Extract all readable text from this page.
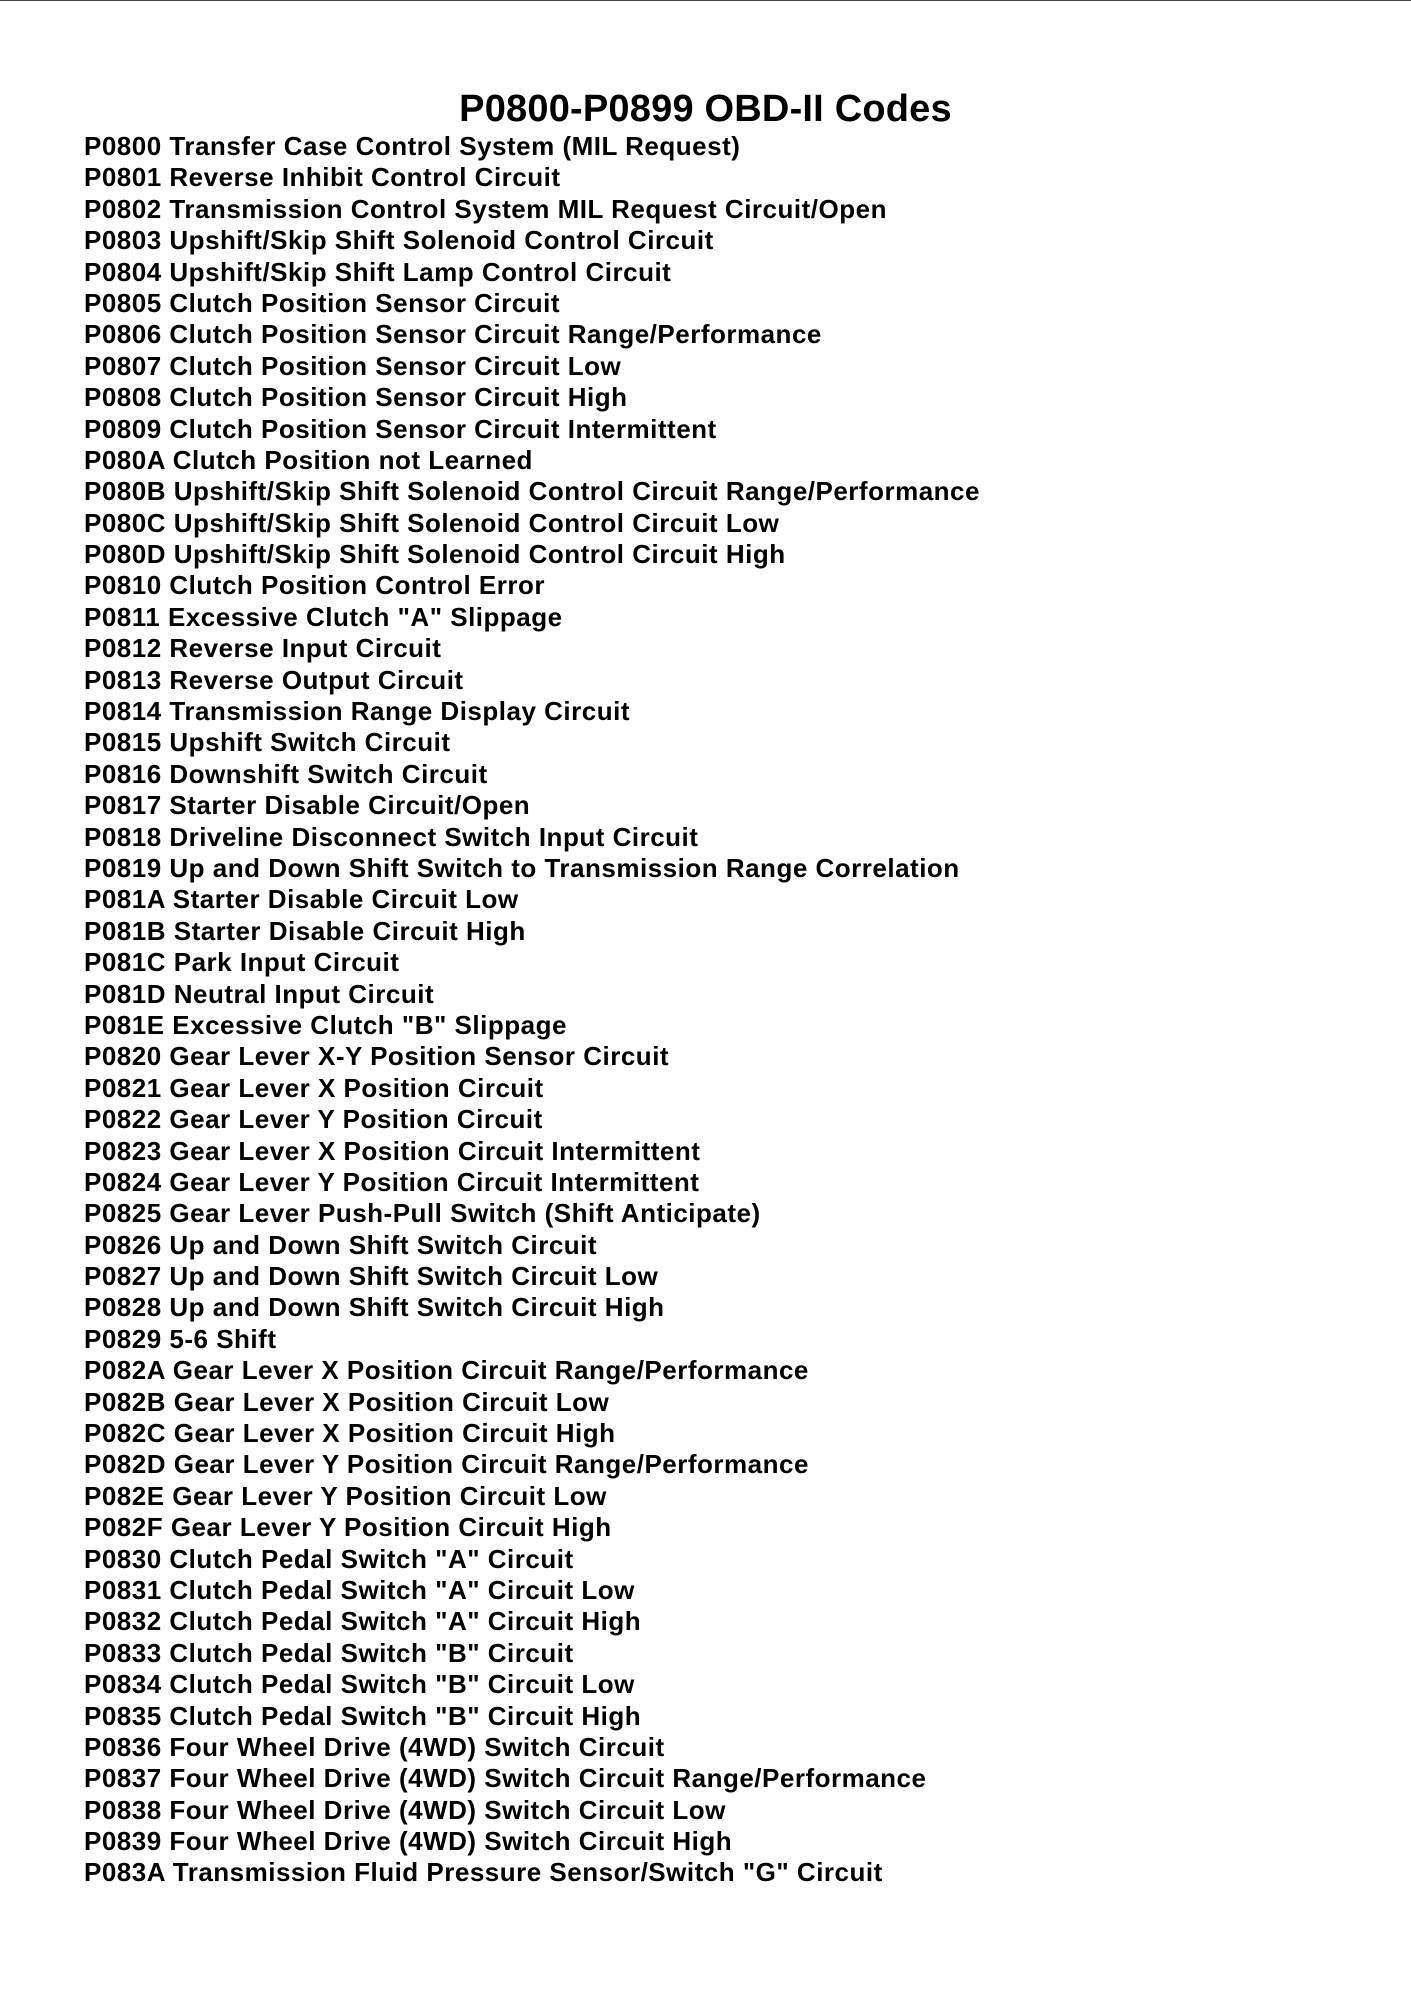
P0800-P0899 OBD-II Codes
P0800 Transfer Case Control System (MIL Request)
P0801 Reverse Inhibit Control Circuit
P0802 Transmission Control System MIL Request Circuit/Open
P0803 Upshift/Skip Shift Solenoid Control Circuit
P0804 Upshift/Skip Shift Lamp Control Circuit
P0805 Clutch Position Sensor Circuit
P0806 Clutch Position Sensor Circuit Range/Performance
P0807 Clutch Position Sensor Circuit Low
P0808 Clutch Position Sensor Circuit High
P0809 Clutch Position Sensor Circuit Intermittent
P080A Clutch Position not Learned
P080B Upshift/Skip Shift Solenoid Control Circuit Range/Performance
P080C Upshift/Skip Shift Solenoid Control Circuit Low
P080D Upshift/Skip Shift Solenoid Control Circuit High
P0810 Clutch Position Control Error
P0811 Excessive Clutch "A" Slippage
P0812 Reverse Input Circuit
P0813 Reverse Output Circuit
P0814 Transmission Range Display Circuit
P0815 Upshift Switch Circuit
P0816 Downshift Switch Circuit
P0817 Starter Disable Circuit/Open
P0818 Driveline Disconnect Switch Input Circuit
P0819 Up and Down Shift Switch to Transmission Range Correlation
P081A Starter Disable Circuit Low
P081B Starter Disable Circuit High
P081C Park Input Circuit
P081D Neutral Input Circuit
P081E Excessive Clutch "B" Slippage
P0820 Gear Lever X-Y Position Sensor Circuit
P0821 Gear Lever X Position Circuit
P0822 Gear Lever Y Position Circuit
P0823 Gear Lever X Position Circuit Intermittent
P0824 Gear Lever Y Position Circuit Intermittent
P0825 Gear Lever Push-Pull Switch (Shift Anticipate)
P0826 Up and Down Shift Switch Circuit
P0827 Up and Down Shift Switch Circuit Low
P0828 Up and Down Shift Switch Circuit High
P0829 5-6 Shift
P082A Gear Lever X Position Circuit Range/Performance
P082B Gear Lever X Position Circuit Low
P082C Gear Lever X Position Circuit High
P082D Gear Lever Y Position Circuit Range/Performance
P082E Gear Lever Y Position Circuit Low
P082F Gear Lever Y Position Circuit High
P0830 Clutch Pedal Switch "A" Circuit
P0831 Clutch Pedal Switch "A" Circuit Low
P0832 Clutch Pedal Switch "A" Circuit High
P0833 Clutch Pedal Switch "B" Circuit
P0834 Clutch Pedal Switch "B" Circuit Low
P0835 Clutch Pedal Switch "B" Circuit High
P0836 Four Wheel Drive (4WD) Switch Circuit
P0837 Four Wheel Drive (4WD) Switch Circuit Range/Performance
P0838 Four Wheel Drive (4WD) Switch Circuit Low
P0839 Four Wheel Drive (4WD) Switch Circuit High
P083A Transmission Fluid Pressure Sensor/Switch "G" Circuit
